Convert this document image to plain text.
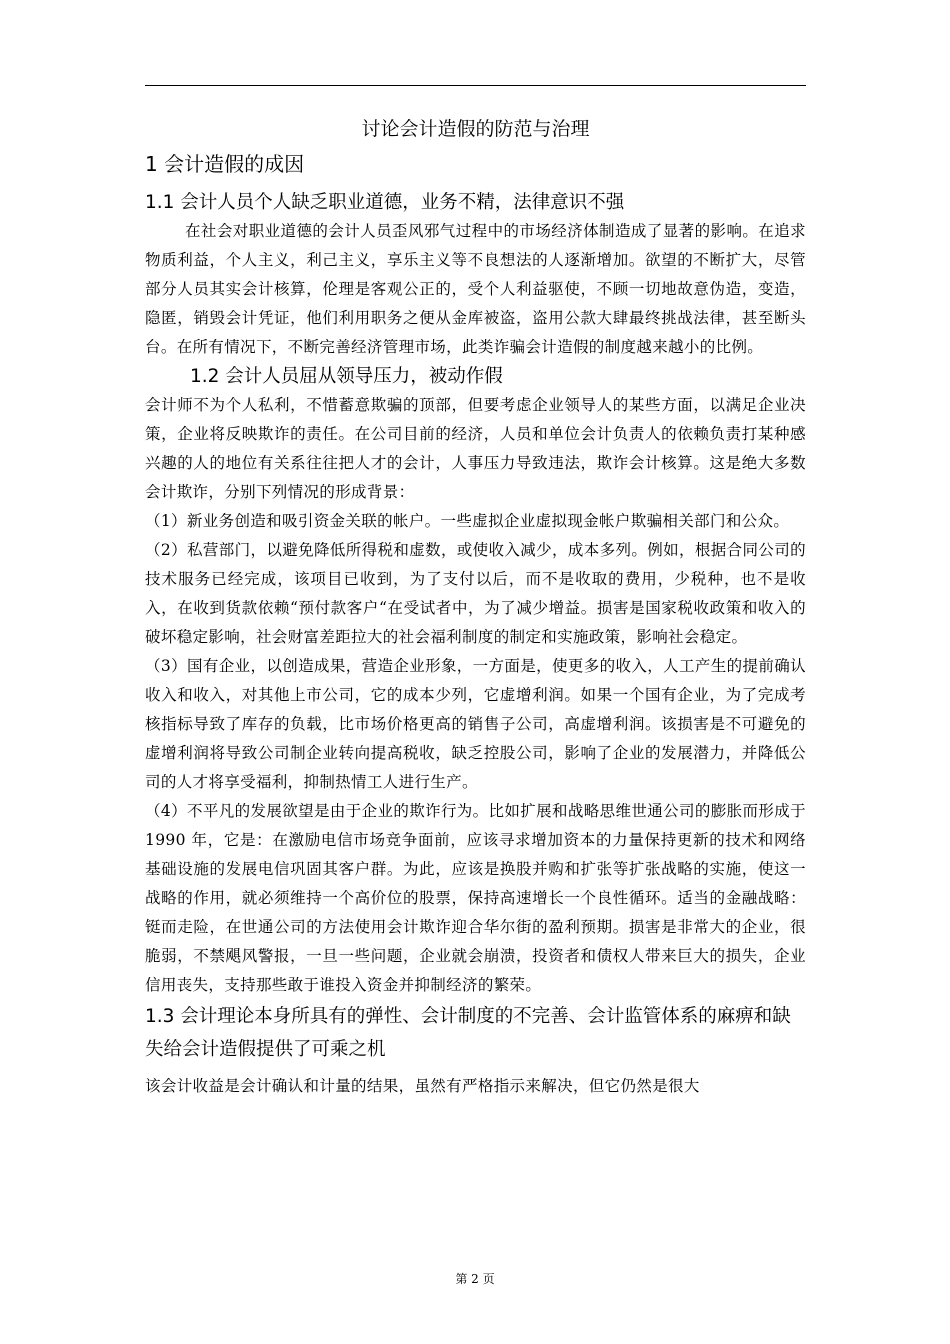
讨论会计造假的防范与治理
1 会计造假的成因
1.1 会计人员个人缺乏职业道德，业务不精，法律意识不强

在社会对职业道德的会计人员歪风邪气过程中的市场经济体制造成了显著的影响。在追求物质利益，个人主义，利己主义，享乐主义等不良想法的人逐渐增加。欲望的不断扩大，尽管部分人员其实会计核算，伦理是客观公正的，受个人利益驱使，不顾一切地故意伪造，变造，隐匿，销毁会计凭证，他们利用职务之便从金库被盗，盗用公款大肆最终挑战法律，甚至断头台。在所有情况下，不断完善经济管理市场，此类诈骗会计造假的制度越来越小的比例。

1.2 会计人员屈从领导压力，被动作假

会计师不为个人私利，不惜蓄意欺骗的顶部，但要考虑企业领导人的某些方面，以满足企业决策，企业将反映欺诈的责任。在公司目前的经济，人员和单位会计负责人的依赖负责打某种感兴趣的人的地位有关系往往把人才的会计，人事压力导致违法，欺诈会计核算。这是绝大多数会计欺诈，分别下列情况的形成背景：

（1）新业务创造和吸引资金关联的帐户。一些虚拟企业虚拟现金帐户欺骗相关部门和公众。

（2）私营部门，以避免降低所得税和虚数，或使收入减少，成本多列。例如，根据合同公司的技术服务已经完成，该项目已收到，为了支付以后，而不是收取的费用，少税种，也不是收入，在收到货款依赖“预付款客户“在受试者中，为了减少增益。损害是国家税收政策和收入的破坏稳定影响，社会财富差距拉大的社会福利制度的制定和实施政策，影响社会稳定。

（3）国有企业，以创造成果，营造企业形象，一方面是，使更多的收入，人工产生的提前确认收入和收入，对其他上市公司，它的成本少列，它虚增利润。如果一个国有企业，为了完成考核指标导致了库存的负载，比市场价格更高的销售子公司，高虚增利润。该损害是不可避免的虚增利润将导致公司制企业转向提高税收，缺乏控股公司，影响了企业的发展潜力，并降低公司的人才将享受福利，抑制热情工人进行生产。

（4）不平凡的发展欲望是由于企业的欺诈行为。比如扩展和战略思维世通公司的膨胀而形成于 1990 年，它是：在激励电信市场竞争面前，应该寻求增加资本的力量保持更新的技术和网络基础设施的发展电信巩固其客户群。为此，应该是换股并购和扩张等扩张战略的实施，使这一战略的作用，就必须维持一个高价位的股票，保持高速增长一个良性循环。适当的金融战略：铤而走险，在世通公司的方法使用会计欺诈迎合华尔街的盈利预期。损害是非常大的企业，很脆弱，不禁飓风警报，一旦一些问题，企业就会崩溃，投资者和债权人带来巨大的损失，企业信用丧失，支持那些敢于谁投入资金并抑制经济的繁荣。

1.3 会计理论本身所具有的弹性、会计制度的不完善、会计监管体系的麻痹和缺失给会计造假提供了可乘之机

该会计收益是会计确认和计量的结果，虽然有严格指示来解决，但它仍然是很大

第 2 页
